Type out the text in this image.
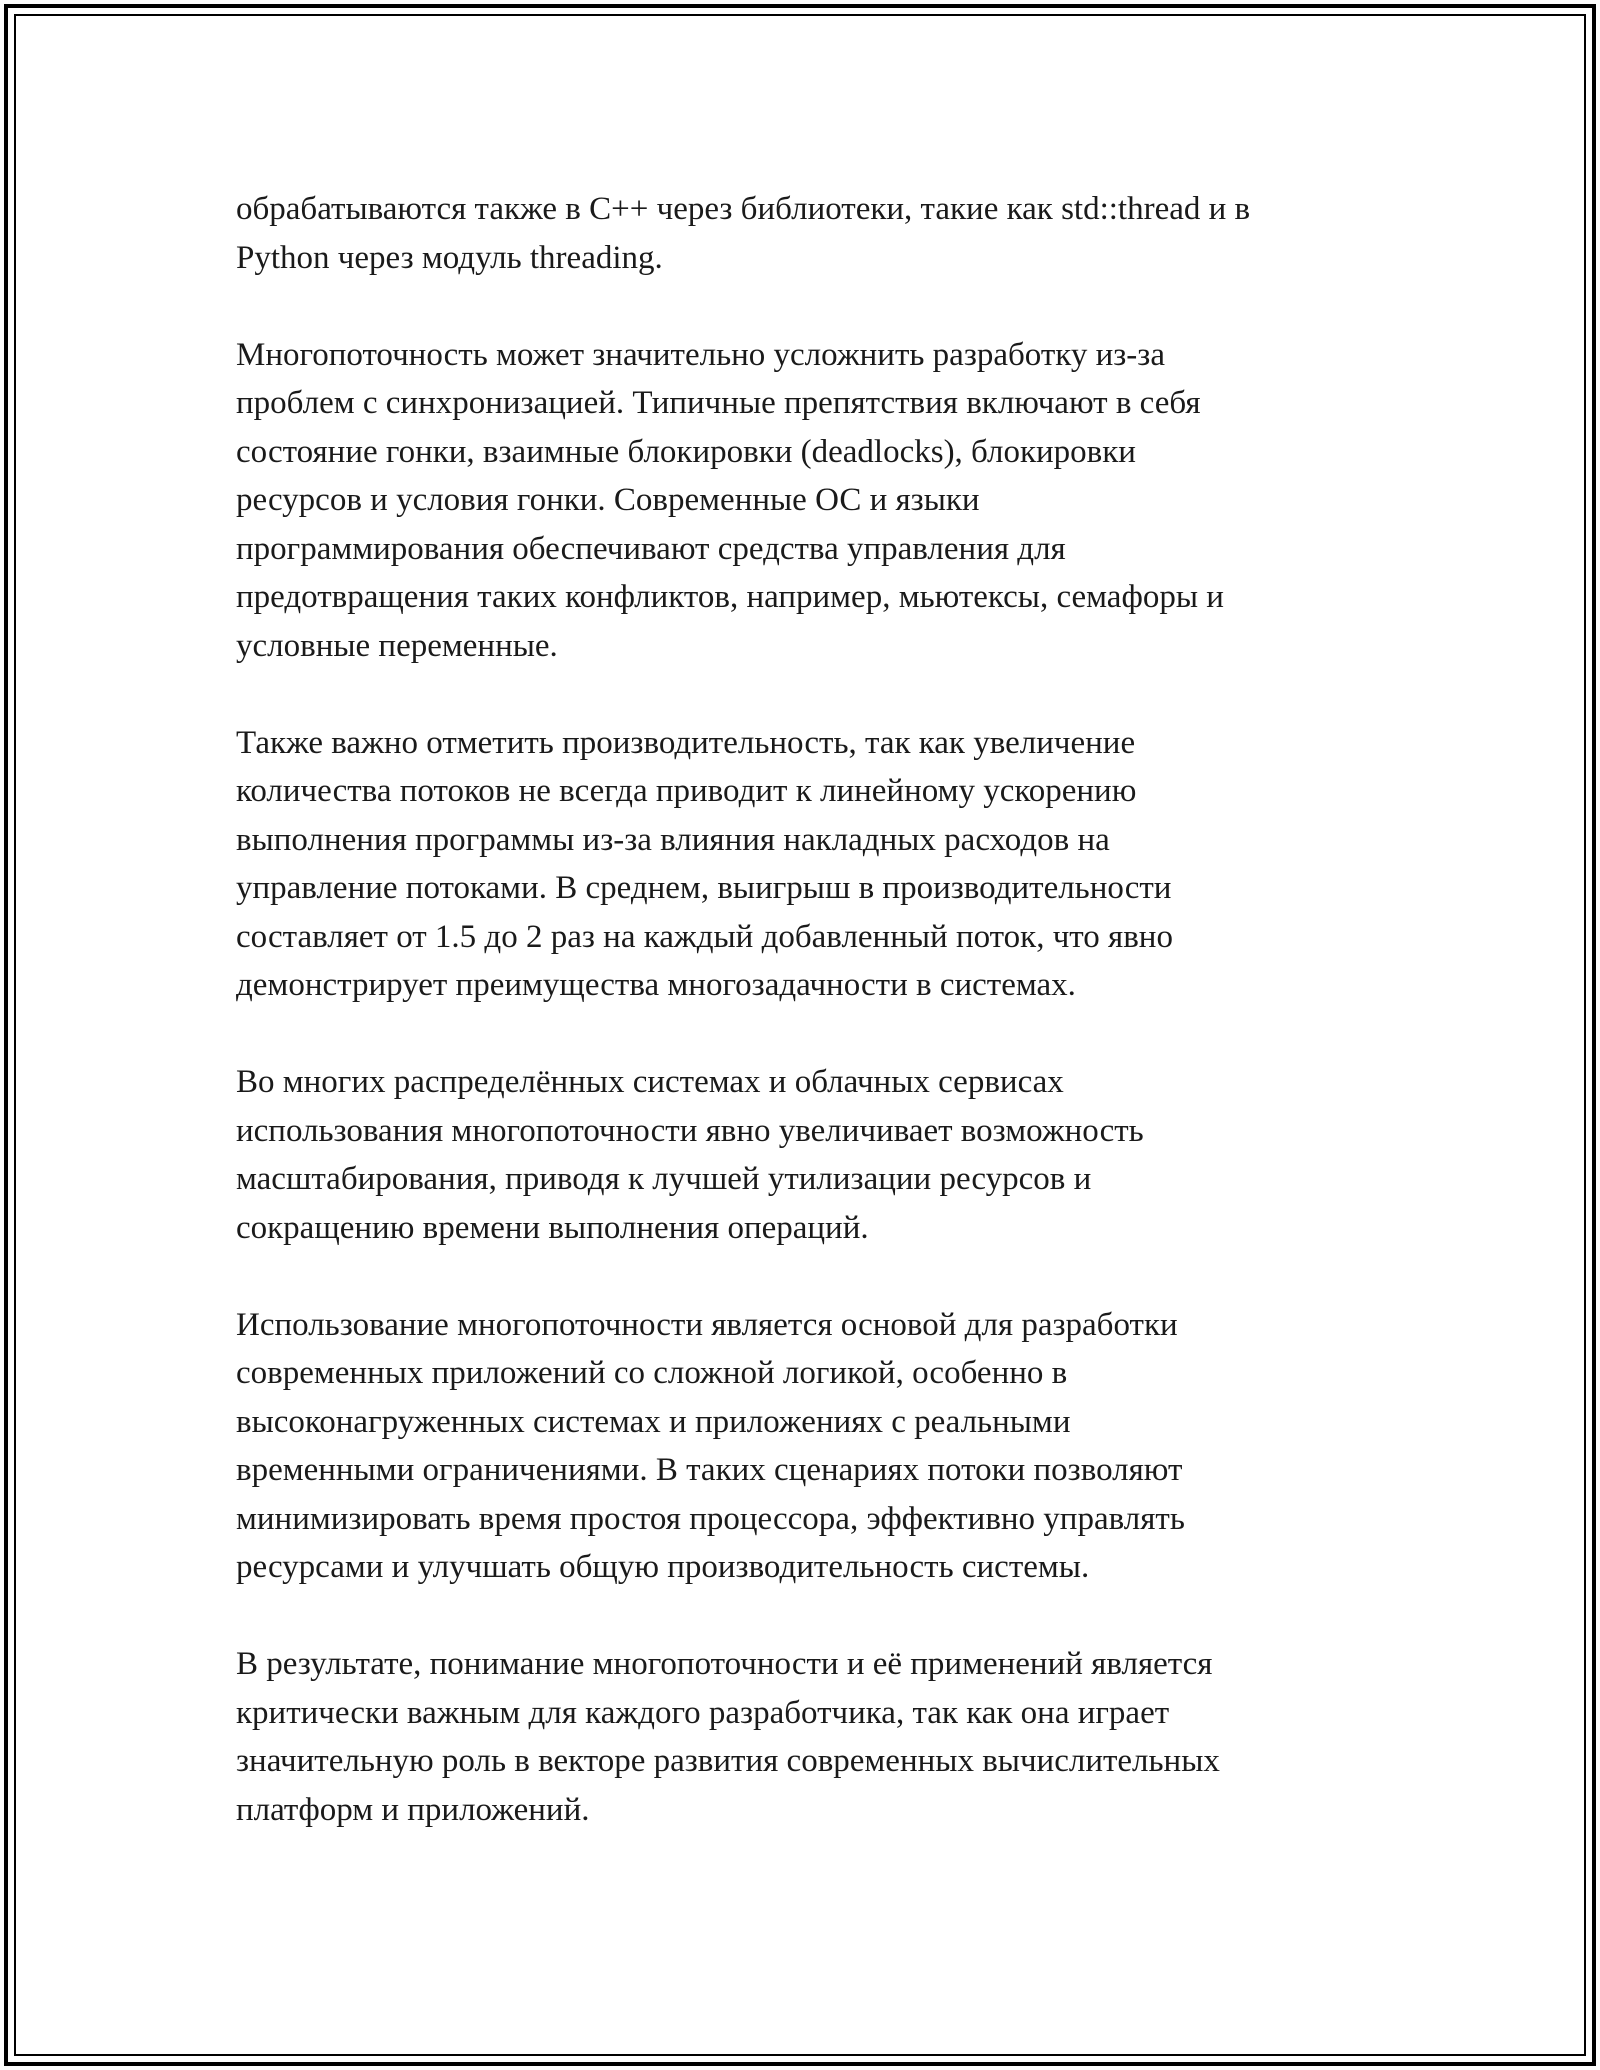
обрабатываются также в C++ через библиотеки, такие как std::thread и в
Python через модуль threading.

Многопоточность может значительно усложнить разработку из-за
проблем с синхронизацией. Типичные препятствия включают в себя
состояние гонки, взаимные блокировки (deadlocks), блокировки
ресурсов и условия гонки. Современные ОС и языки
программирования обеспечивают средства управления для
предотвращения таких конфликтов, например, мьютексы, семафоры и
условные переменные.

Также важно отметить производительность, так как увеличение
количества потоков не всегда приводит к линейному ускорению
выполнения программы из-за влияния накладных расходов на
управление потоками. В среднем, выигрыш в производительности
составляет от 1.5 до 2 раз на каждый добавленный поток, что явно
демонстрирует преимущества многозадачности в системах.

Во многих распределённых системах и облачных сервисах
использования многопоточности явно увеличивает возможность
масштабирования, приводя к лучшей утилизации ресурсов и
сокращению времени выполнения операций.

Использование многопоточности является основой для разработки
современных приложений со сложной логикой, особенно в
высоконагруженных системах и приложениях с реальными
временными ограничениями. В таких сценариях потоки позволяют
минимизировать время простоя процессора, эффективно управлять
ресурсами и улучшать общую производительность системы.

В результате, понимание многопоточности и её применений является
критически важным для каждого разработчика, так как она играет
значительную роль в векторе развития современных вычислительных
платформ и приложений.
